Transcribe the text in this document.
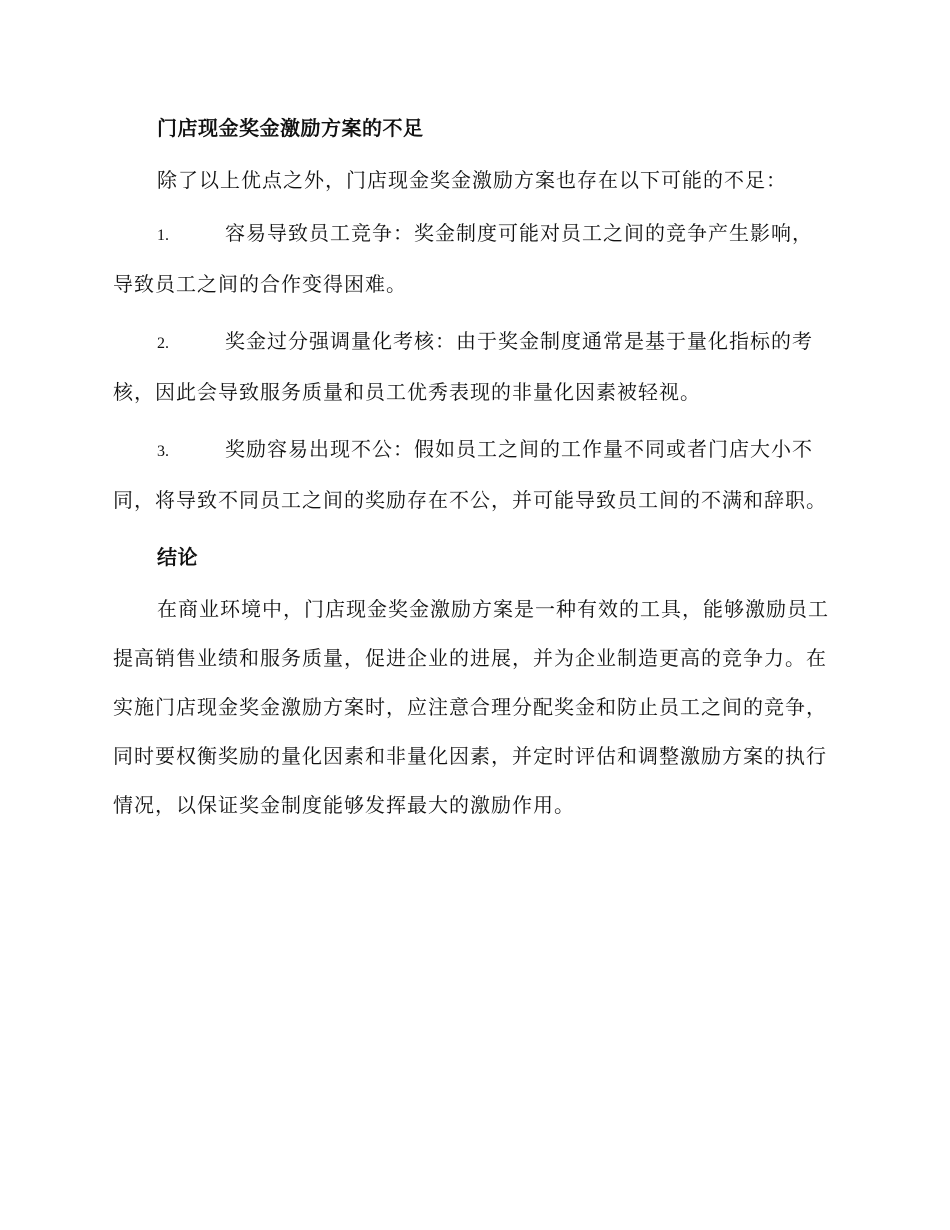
门店现金奖金激励方案的不足

除了以上优点之外，门店现金奖金激励方案也存在以下可能的不足：

1.	容易导致员工竞争：奖金制度可能对员工之间的竞争产生影响，导致员工之间的合作变得困难。

2.	奖金过分强调量化考核：由于奖金制度通常是基于量化指标的考核，因此会导致服务质量和员工优秀表现的非量化因素被轻视。

3.	奖励容易出现不公：假如员工之间的工作量不同或者门店大小不同，将导致不同员工之间的奖励存在不公，并可能导致员工间的不满和辞职。

结论

在商业环境中，门店现金奖金激励方案是一种有效的工具，能够激励员工提高销售业绩和服务质量，促进企业的进展，并为企业制造更高的竞争力。在实施门店现金奖金激励方案时，应注意合理分配奖金和防止员工之间的竞争，同时要权衡奖励的量化因素和非量化因素，并定时评估和调整激励方案的执行情况，以保证奖金制度能够发挥最大的激励作用。
